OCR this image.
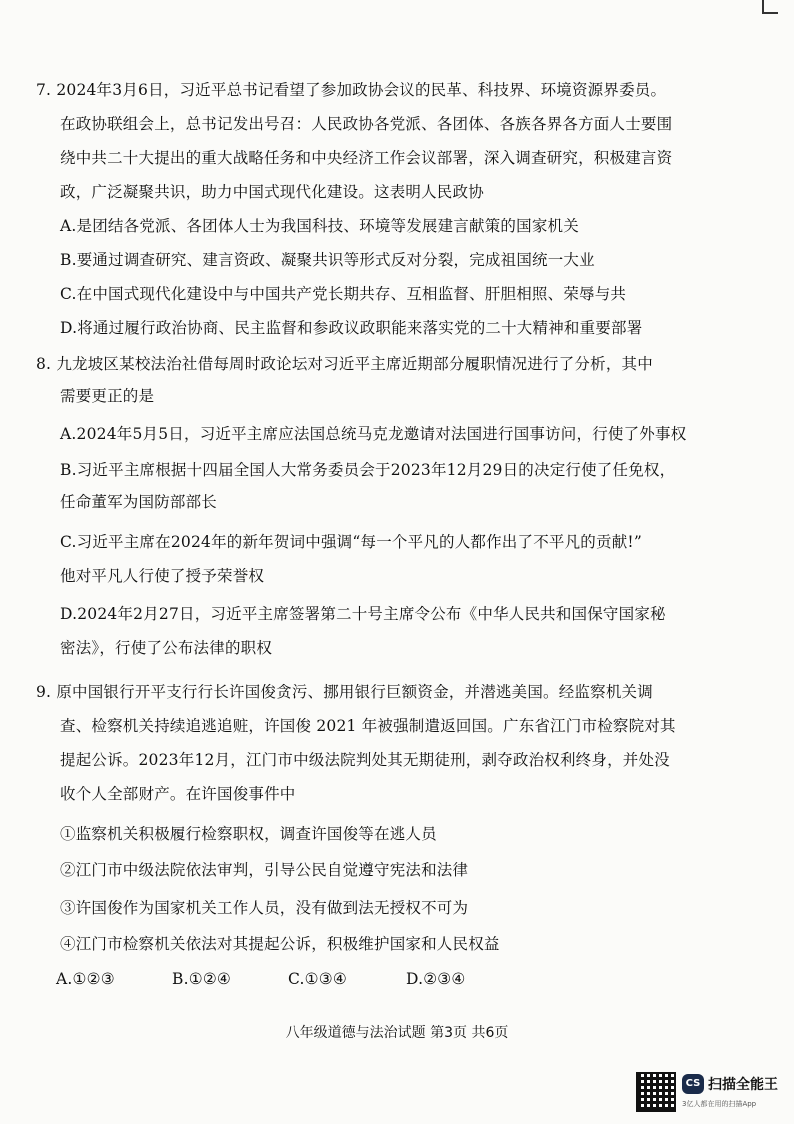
7. 2024年3月6日，习近平总书记看望了参加政协会议的民革、科技界、环境资源界委员。
在政协联组会上，总书记发出号召：人民政协各党派、各团体、各族各界各方面人士要围
绕中共二十大提出的重大战略任务和中央经济工作会议部署，深入调查研究，积极建言资
政，广泛凝聚共识，助力中国式现代化建设。这表明人民政协
A.是团结各党派、各团体人士为我国科技、环境等发展建言献策的国家机关
B.要通过调查研究、建言资政、凝聚共识等形式反对分裂，完成祖国统一大业
C.在中国式现代化建设中与中国共产党长期共存、互相监督、肝胆相照、荣辱与共
D.将通过履行政治协商、民主监督和参政议政职能来落实党的二十大精神和重要部署
8. 九龙坡区某校法治社借每周时政论坛对习近平主席近期部分履职情况进行了分析，其中
需要更正的是
A.2024年5月5日，习近平主席应法国总统马克龙邀请对法国进行国事访问，行使了外事权
B.习近平主席根据十四届全国人大常务委员会于2023年12月29日的决定行使了任免权，
任命董军为国防部部长
C.习近平主席在2024年的新年贺词中强调“每一个平凡的人都作出了不平凡的贡献!”
他对平凡人行使了授予荣誉权
D.2024年2月27日，习近平主席签署第二十号主席令公布《中华人民共和国保守国家秘
密法》，行使了公布法律的职权
9. 原中国银行开平支行行长许国俊贪污、挪用银行巨额资金，并潜逃美国。经监察机关调
查、检察机关持续追逃追赃，许国俊 2021 年被强制遣返回国。广东省江门市检察院对其
提起公诉。2023年12月，江门市中级法院判处其无期徒刑，剥夺政治权利终身，并处没
收个人全部财产。在许国俊事件中
①监察机关积极履行检察职权，调查许国俊等在逃人员
②江门市中级法院依法审判，引导公民自觉遵守宪法和法律
③许国俊作为国家机关工作人员，没有做到法无授权不可为
④江门市检察机关依法对其提起公诉，积极维护国家和人民权益
A.①②③	B.①②④	C.①③④	D.②③④
八年级道德与法治试题 第3页 共6页
CS 扫描全能王
3亿人都在用的扫描App
